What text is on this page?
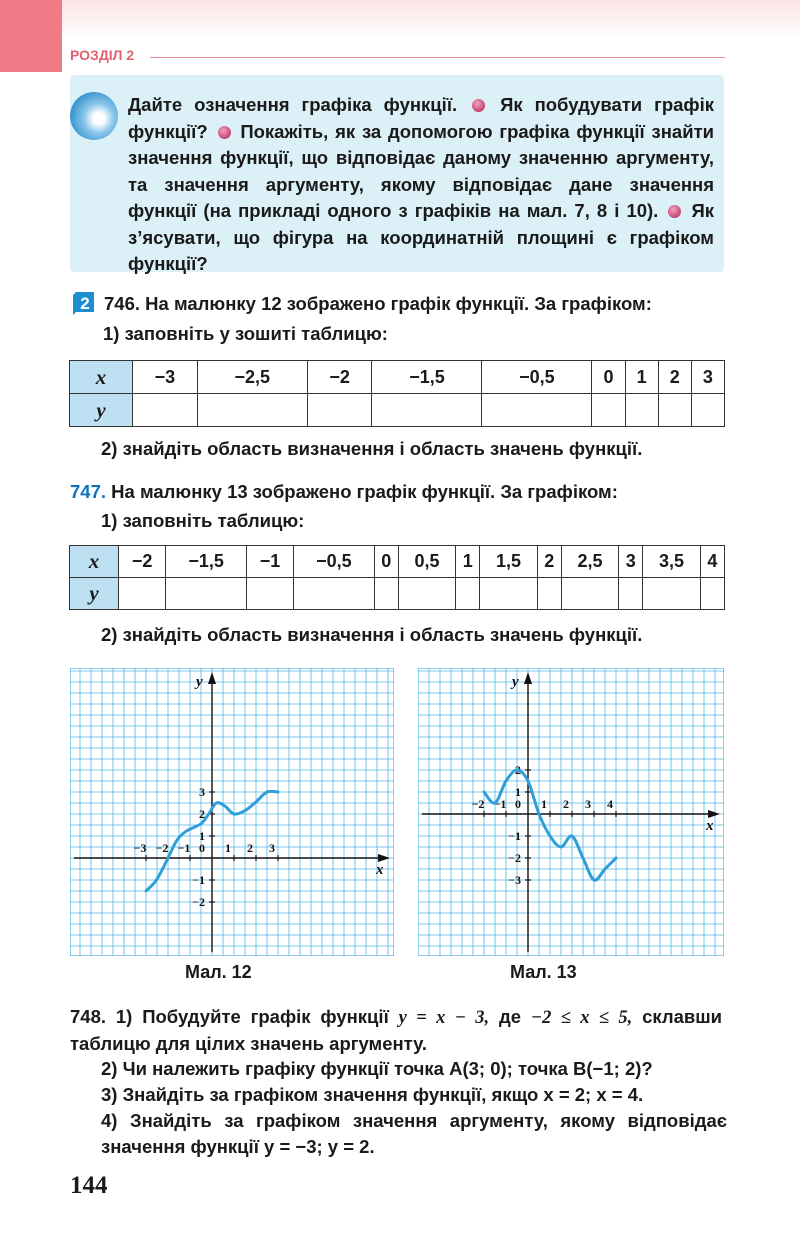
РОЗДІЛ 2
Дайте означення графіка функції. Як побудувати графік функції? Покажіть, як за допомогою графіка функції знайти значення функції, що відповідає даному значенню аргументу, та значення аргументу, якому відповідає дане значення функції (на прикладі одного з графіків на мал. 7, 8 і 10). Як з’ясувати, що фігура на координатній площині є графіком функції?
2 746. На малюнку 12 зображено графік функції. За графіком:
1) заповніть у зошиті таблицю:
x	−3	−2,5	−2	−1,5	−0,5	0	1	2	3
y									
2) знайдіть область визначення і область значень функції.
747. На малюнку 13 зображено графік функції. За графіком:
1) заповніть таблицю:
x	−2	−1,5	−1	−0,5	0	0,5	1	1,5	2	2,5	3	3,5	4
y													
2) знайдіть область визначення і область значень функції.
x
y
−3 −2 −1 0 1 2 3
−2
−1
1
2
3
x
y
−2 −1 0 1 2 3 4
−3
−2
−1
1
2
Мал. 12	Мал. 13
748. 1) Побудуйте графік функції y = x − 3, де −2 ≤ x ≤ 5, склавши таблицю для цілих значень аргументу.
2) Чи належить графіку функції точка A(3; 0); точка B(−1; 2)?
3) Знайдіть за графіком значення функції, якщо x = 2; x = 4.
4) Знайдіть за графіком значення аргументу, якому відповідає значення функції y = −3; y = 2.
144
